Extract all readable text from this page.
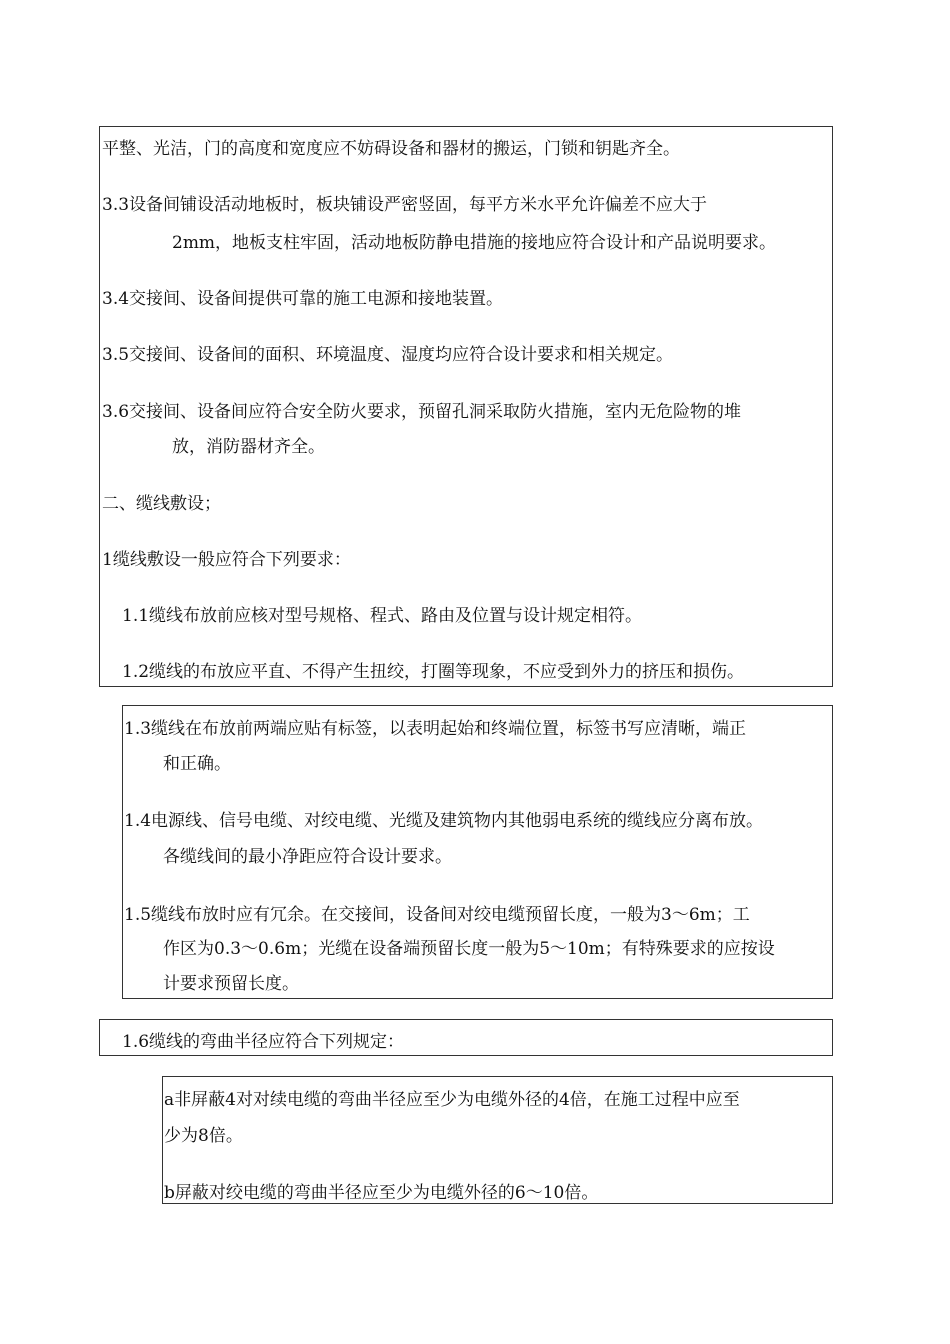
平整、光洁，门的高度和宽度应不妨碍设备和器材的搬运，门锁和钥匙齐全。

3.3设备间铺设活动地板时，板块铺设严密竖固，每平方米水平允许偏差不应大于

2mm，地板支柱牢固，活动地板防静电措施的接地应符合设计和产品说明要求。

3.4交接间、设备间提供可靠的施工电源和接地装置。

3.5交接间、设备间的面积、环境温度、湿度均应符合设计要求和相关规定。

3.6交接间、设备间应符合安全防火要求，预留孔洞采取防火措施，室内无危险物的堆

放，消防器材齐全。

二、缆线敷设；

1缆线敷设一般应符合下列要求：

1.1缆线布放前应核对型号规格、程式、路由及位置与设计规定相符。

1.2缆线的布放应平直、不得产生扭绞，打圈等现象，不应受到外力的挤压和损伤。

1.3缆线在布放前两端应贴有标签，以表明起始和终端位置，标签书写应清晰，端正

和正确。

1.4电源线、信号电缆、对绞电缆、光缆及建筑物内其他弱电系统的缆线应分离布放。

各缆线间的最小净距应符合设计要求。

1.5缆线布放时应有冗余。在交接间，设备间对绞电缆预留长度，一般为3～6m；工

作区为0.3～0.6m；光缆在设备端预留长度一般为5～10m；有特殊要求的应按设

计要求预留长度。

1.6缆线的弯曲半径应符合下列规定：

a非屏蔽4对对续电缆的弯曲半径应至少为电缆外径的4倍，在施工过程中应至

少为8倍。

b屏蔽对绞电缆的弯曲半径应至少为电缆外径的6～10倍。
